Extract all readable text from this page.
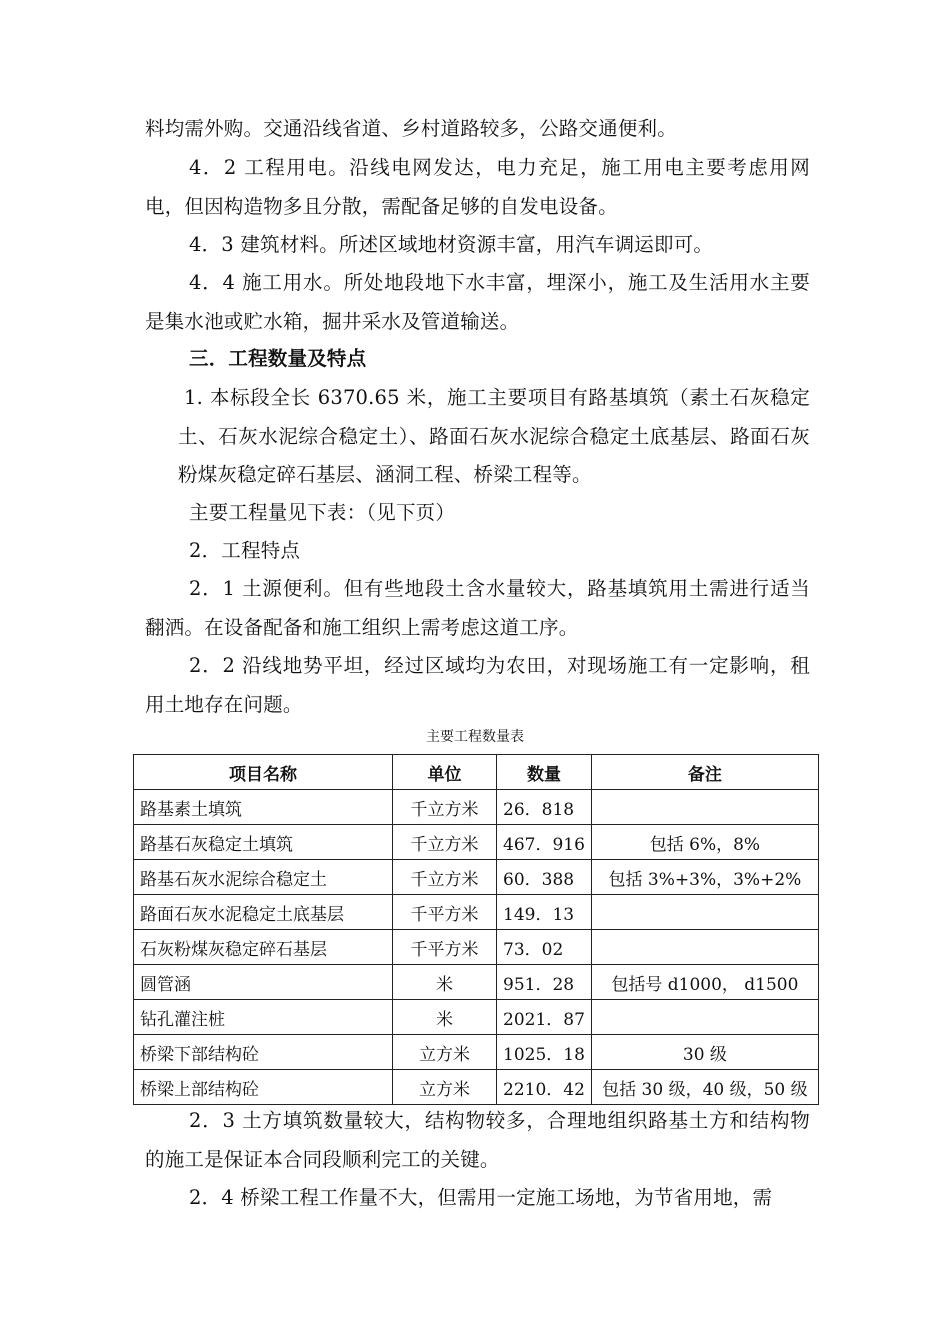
料均需外购。交通沿线省道、乡村道路较多，公路交通便利。

4．2 工程用电。沿线电网发达，电力充足，施工用电主要考虑用网电，但因构造物多且分散，需配备足够的自发电设备。

4．3 建筑材料。所述区域地材资源丰富，用汽车调运即可。

4．4 施工用水。所处地段地下水丰富，埋深小，施工及生活用水主要是集水池或贮水箱，掘井采水及管道输送。

三．工程数量及特点

1. 本标段全长 6370.65 米，施工主要项目有路基填筑（素土石灰稳定土、石灰水泥综合稳定土）、路面石灰水泥综合稳定土底基层、路面石灰粉煤灰稳定碎石基层、涵洞工程、桥梁工程等。

主要工程量见下表：（见下页）

2．工程特点

2．1 土源便利。但有些地段土含水量较大，路基填筑用土需进行适当翻洒。在设备配备和施工组织上需考虑这道工序。

2．2 沿线地势平坦，经过区域均为农田，对现场施工有一定影响，租用土地存在问题。

主要工程数量表
项目名称	单位	数量	备注
路基素土填筑	千立方米	26．818	
路基石灰稳定土填筑	千立方米	467．916	包括 6%，8%
路基石灰水泥综合稳定土	千立方米	60．388	包括 3%+3%，3%+2%
路面石灰水泥稳定土底基层	千平方米	149．13	
石灰粉煤灰稳定碎石基层	千平方米	73．02	
圆管涵	米	951．28	包括号 d1000， d1500
钻孔灌注桩	米	2021．87	
桥梁下部结构砼	立方米	1025．18	30 级
桥梁上部结构砼	立方米	2210．42	包括 30 级，40 级，50 级

2．3 土方填筑数量较大，结构物较多，合理地组织路基土方和结构物的施工是保证本合同段顺利完工的关键。

2．4 桥梁工程工作量不大，但需用一定施工场地，为节省用地，需
